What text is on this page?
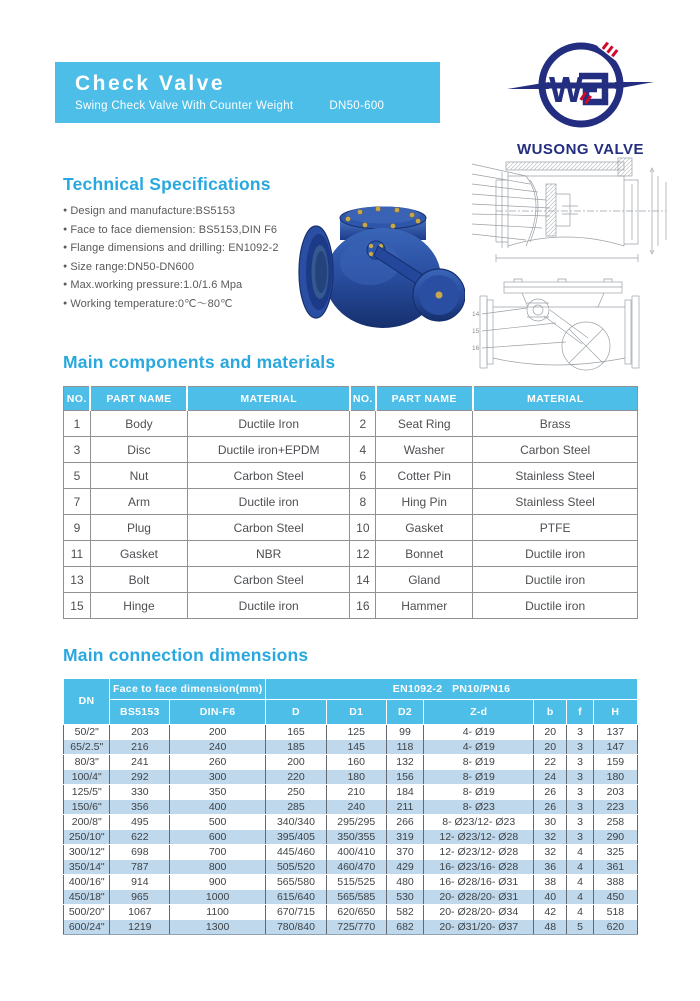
Check Valve
Swing Check Valve With Counter Weight	DN50-600	W
WUSONG VALVE
Technical Specifications
● Design and manufacture:BS5153
● Face to face diemension: BS5153,DIN F6
● Flange dimensions and drilling: EN1092-2
● Size range:DN50-DN600
● Max.working pressure:1.0/1.6 Mpa
● Working temperature:0℃～80℃
14
15
16
Main components and materials
NO.	PART NAME	MATERIAL	NO.	PART NAME	MATERIAL
1	Body	Ductile Iron	2	Seat Ring	Brass
3	Disc	Ductile iron+EPDM	4	Washer	Carbon Steel
5	Nut	Carbon Steel	6	Cotter Pin	Stainless Steel
7	Arm	Ductile iron	8	Hing Pin	Stainless Steel
9	Plug	Carbon Steel	10	Gasket	PTFE
11	Gasket	NBR	12	Bonnet	Ductile iron
13	Bolt	Carbon Steel	14	Gland	Ductile iron
15	Hinge	Ductile iron	16	Hammer	Ductile iron
Main connection dimensions
DN	Face to face dimension(mm)		EN1092-2   PN10/PN16						
	BS5153	DIN-F6	D	D1	D2	Z-d	b	f	H
50/2"	203	200	165	125	99	4- Ø19	20	3	137
65/2.5"	216	240	185	145	118	4- Ø19	20	3	147
80/3"	241	260	200	160	132	8- Ø19	22	3	159
100/4"	292	300	220	180	156	8- Ø19	24	3	180
125/5"	330	350	250	210	184	8- Ø19	26	3	203
150/6"	356	400	285	240	211	8- Ø23	26	3	223
200/8"	495	500	340/340	295/295	266	8- Ø23/12- Ø23	30	3	258
250/10"	622	600	395/405	350/355	319	12- Ø23/12- Ø28	32	3	290
300/12"	698	700	445/460	400/410	370	12- Ø23/12- Ø28	32	4	325
350/14"	787	800	505/520	460/470	429	16- Ø23/16- Ø28	36	4	361
400/16"	914	900	565/580	515/525	480	16- Ø28/16- Ø31	38	4	388
450/18"	965	1000	615/640	565/585	530	20- Ø28/20- Ø31	40	4	450
500/20"	1067	1100	670/715	620/650	582	20- Ø28/20- Ø34	42	4	518
600/24"	1219	1300	780/840	725/770	682	20- Ø31/20- Ø37	48	5	620
